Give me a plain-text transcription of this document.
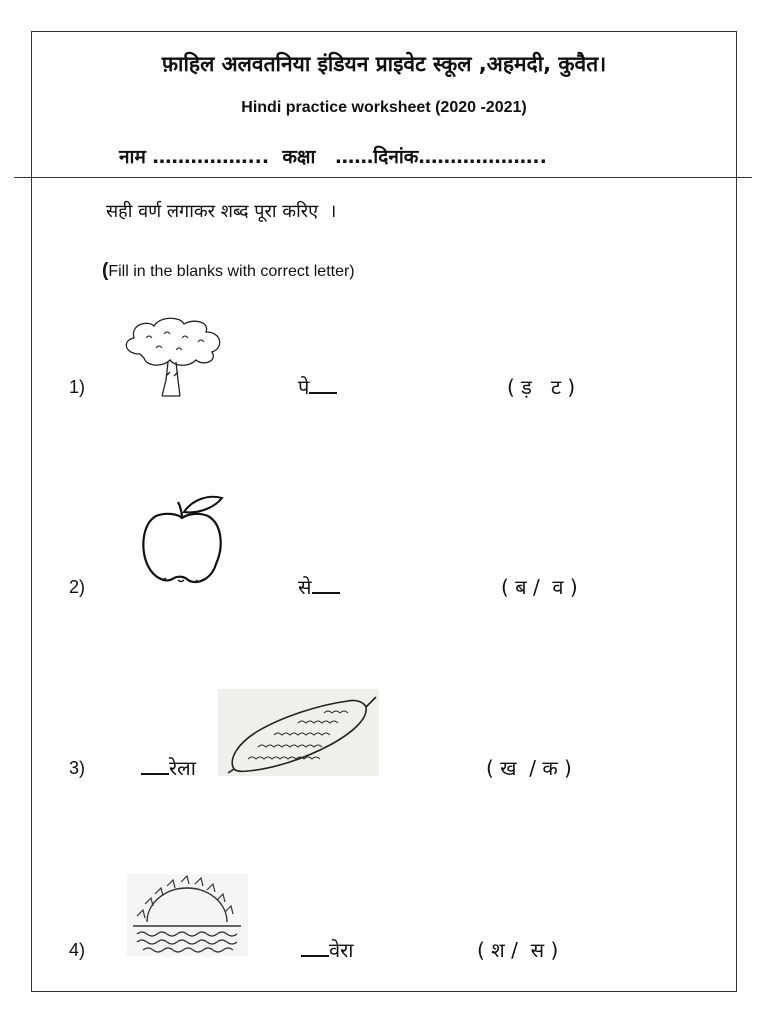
फ़ाहिल अलवतनिया इंडियन प्राइवेट स्कूल ,अहमदी, कुवैत।
Hindi practice worksheet (2020 -2021)
नाम ……………...  कक्षा   ……दिनांक………………..
सही वर्ण लगाकर शब्द पूरा करिए  ।
(Fill in the blanks with correct letter)
1)	पे	( ड़   ट )
2)	से	( ब /  व )
3)	रेला	( ख  / क )
4)	वेरा	( श /  स )
